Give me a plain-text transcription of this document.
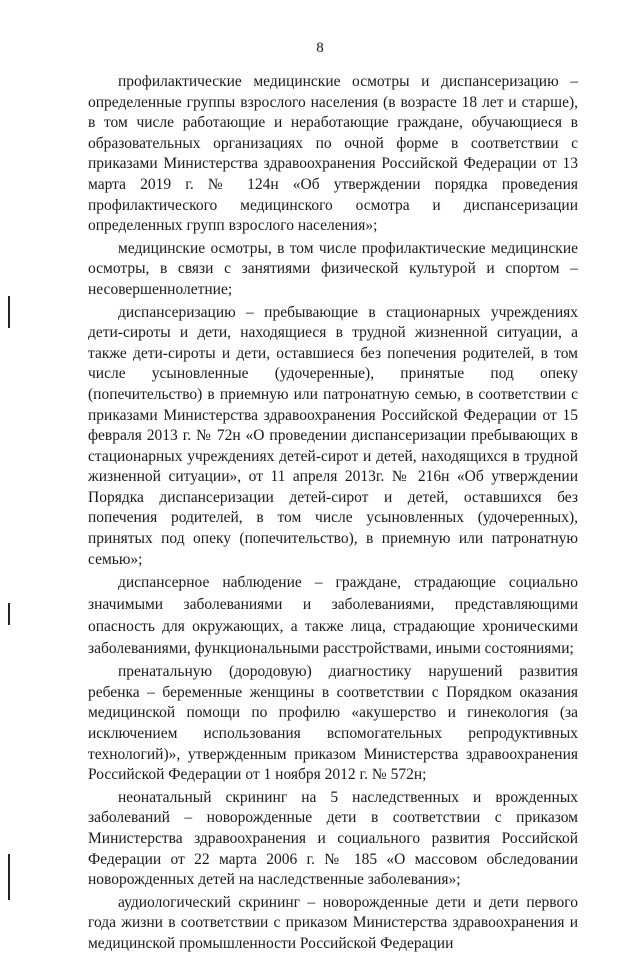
8

профилактические медицинские осмотры и диспансеризацию – определенные группы взрослого населения (в возрасте 18 лет и старше), в том числе работающие и неработающие граждане, обучающиеся в образовательных организациях по очной форме в соответствии с приказами Министерства здравоохранения Российской Федерации от 13 марта 2019 г. № 124н «Об утверждении порядка проведения профилактического медицинского осмотра и диспансеризации определенных групп взрослого населения»;

медицинские осмотры, в том числе профилактические медицинские осмотры, в связи с занятиями физической культурой и спортом – несовершеннолетние;

диспансеризацию – пребывающие в стационарных учреждениях дети-сироты и дети, находящиеся в трудной жизненной ситуации, а также дети-сироты и дети, оставшиеся без попечения родителей, в том числе усыновленные (удочеренные), принятые под опеку (попечительство) в приемную или патронатную семью, в соответствии с приказами Министерства здравоохранения Российской Федерации от 15 февраля 2013 г. № 72н «О проведении диспансеризации пребывающих в стационарных учреждениях детей-сирот и детей, находящихся в трудной жизненной ситуации», от 11 апреля 2013г. № 216н «Об утверждении Порядка диспансеризации детей-сирот и детей, оставшихся без попечения родителей, в том числе усыновленных (удочеренных), принятых под опеку (попечительство), в приемную или патронатную семью»;

диспансерное наблюдение – граждане, страдающие социально значимыми заболеваниями и заболеваниями, представляющими опасность для окружающих, а также лица, страдающие хроническими заболеваниями, функциональными расстройствами, иными состояниями;

пренатальную (дородовую) диагностику нарушений развития ребенка – беременные женщины в соответствии с Порядком оказания медицинской помощи по профилю «акушерство и гинекология (за исключением использования вспомогательных репродуктивных технологий)», утвержденным приказом Министерства здравоохранения Российской Федерации от 1 ноября 2012 г. № 572н;

неонатальный скрининг на 5 наследственных и врожденных заболеваний – новорожденные дети в соответствии с приказом Министерства здравоохранения и социального развития Российской Федерации от 22 марта 2006 г. № 185 «О массовом обследовании новорожденных детей на наследственные заболевания»;

аудиологический скрининг – новорожденные дети и дети первого года жизни в соответствии с приказом Министерства здравоохранения и медицинской промышленности Российской Федерации
